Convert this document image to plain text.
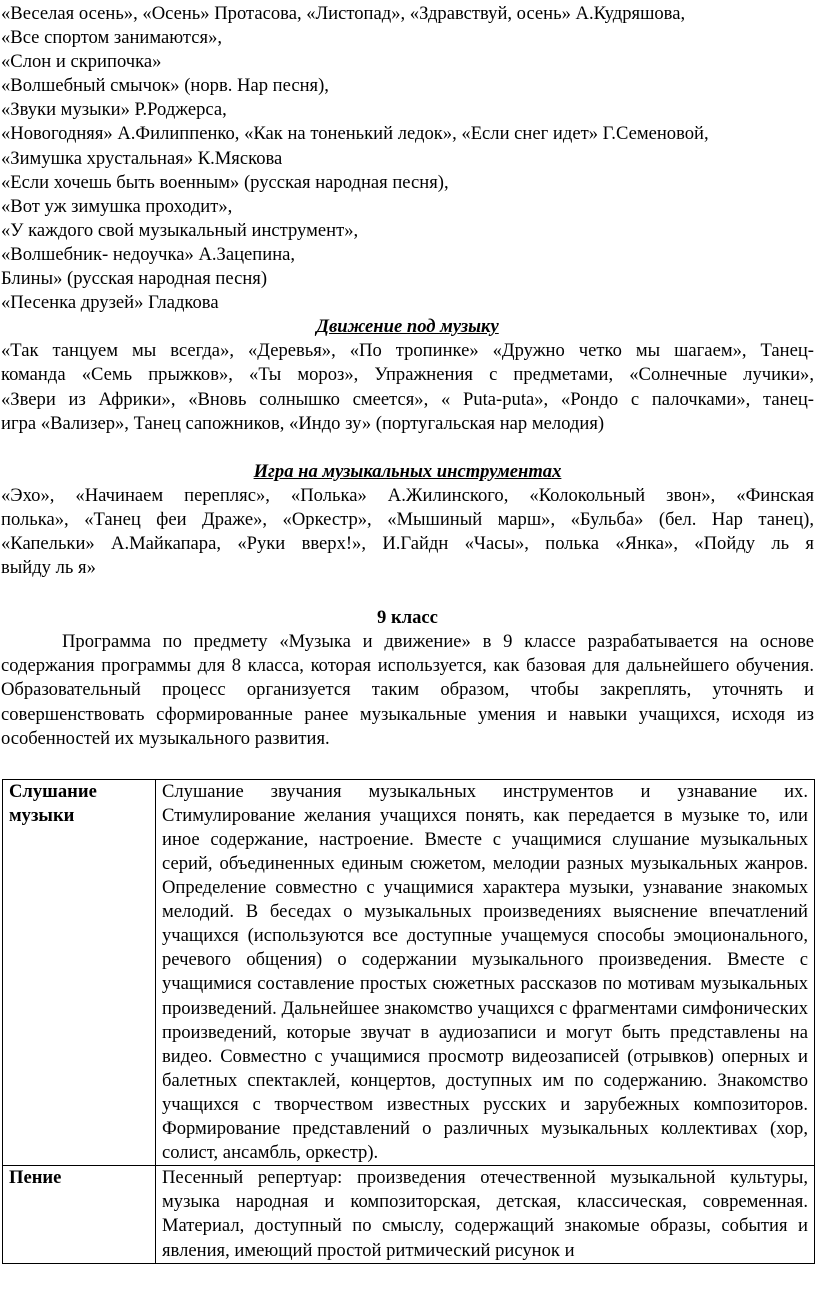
«Веселая осень», «Осень» Протасова, «Листопад», «Здравствуй, осень» А.Кудряшова,
«Все спортом занимаются»,
«Слон и скрипочка»
«Волшебный смычок» (норв. Нар песня),
«Звуки музыки» Р.Роджерса,
«Новогодняя» А.Филиппенко, «Как на тоненький ледок», «Если снег идет» Г.Семеновой,
«Зимушка хрустальная» К.Мяскова
«Если хочешь быть военным» (русская народная песня),
«Вот уж зимушка проходит»,
«У каждого свой музыкальный инструмент»,
«Волшебник- недоучка» А.Зацепина,
Блины» (русская народная песня)
«Песенка друзей» Гладкова
Движение под музыку
«Так танцуем мы всегда», «Деревья», «По тропинке» «Дружно четко мы шагаем», Танец-
команда «Семь прыжков», «Ты мороз», Упражнения с предметами, «Солнечные лучики»,
«Звери из Африки», «Вновь солнышко смеется», « Puta-puta», «Рондо с палочками», танец-
игра «Вализер», Танец сапожников, «Индо зу» (португальская нар мелодия)
Игра на музыкальных инструментах
«Эхо», «Начинаем перепляс», «Полька» А.Жилинского, «Колокольный звон», «Финская
полька», «Танец феи Драже», «Оркестр», «Мышиный марш», «Бульба» (бел. Нар танец),
«Капельки» А.Майкапара, «Руки вверх!», И.Гайдн «Часы», полька «Янка», «Пойду ль я
выйду ль я»
9 класс
Программа по предмету «Музыка и движение» в 9 классе разрабатывается на основе содержания программы для 8 класса, которая используется, как базовая для дальнейшего обучения. Образовательный процесс организуется таким образом, чтобы закреплять, уточнять и совершенствовать сформированные ранее музыкальные умения и навыки учащихся, исходя из особенностей их музыкального развития.
Слушание музыки	Слушание звучания музыкальных инструментов и узнавание их. Стимулирование желания учащихся понять, как передается в музыке то, или иное содержание, настроение. Вместе с учащимися слушание музыкальных серий, объединенных единым сюжетом, мелодии разных музыкальных жанров. Определение совместно с учащимися характера музыки, узнавание знакомых мелодий. В беседах о музыкальных произведениях выяснение впечатлений учащихся (используются все доступные учащемуся способы эмоционального, речевого общения) о содержании музыкального произведения. Вместе с учащимися составление простых сюжетных рассказов по мотивам музыкальных произведений. Дальнейшее знакомство учащихся с фрагментами симфонических произведений, которые звучат в аудиозаписи и могут быть представлены на видео. Совместно с учащимися просмотр видеозаписей (отрывков) оперных и балетных спектаклей, концертов, доступных им по содержанию. Знакомство учащихся с творчеством известных русских и зарубежных композиторов. Формирование представлений о различных музыкальных коллективах (хор, солист, ансамбль, оркестр).
Пение	Песенный репертуар: произведения отечественной музыкальной культуры, музыка народная и композиторская, детская, классическая, современная. Материал, доступный по смыслу, содержащий знакомые образы, события и явления, имеющий простой ритмический рисунок и
